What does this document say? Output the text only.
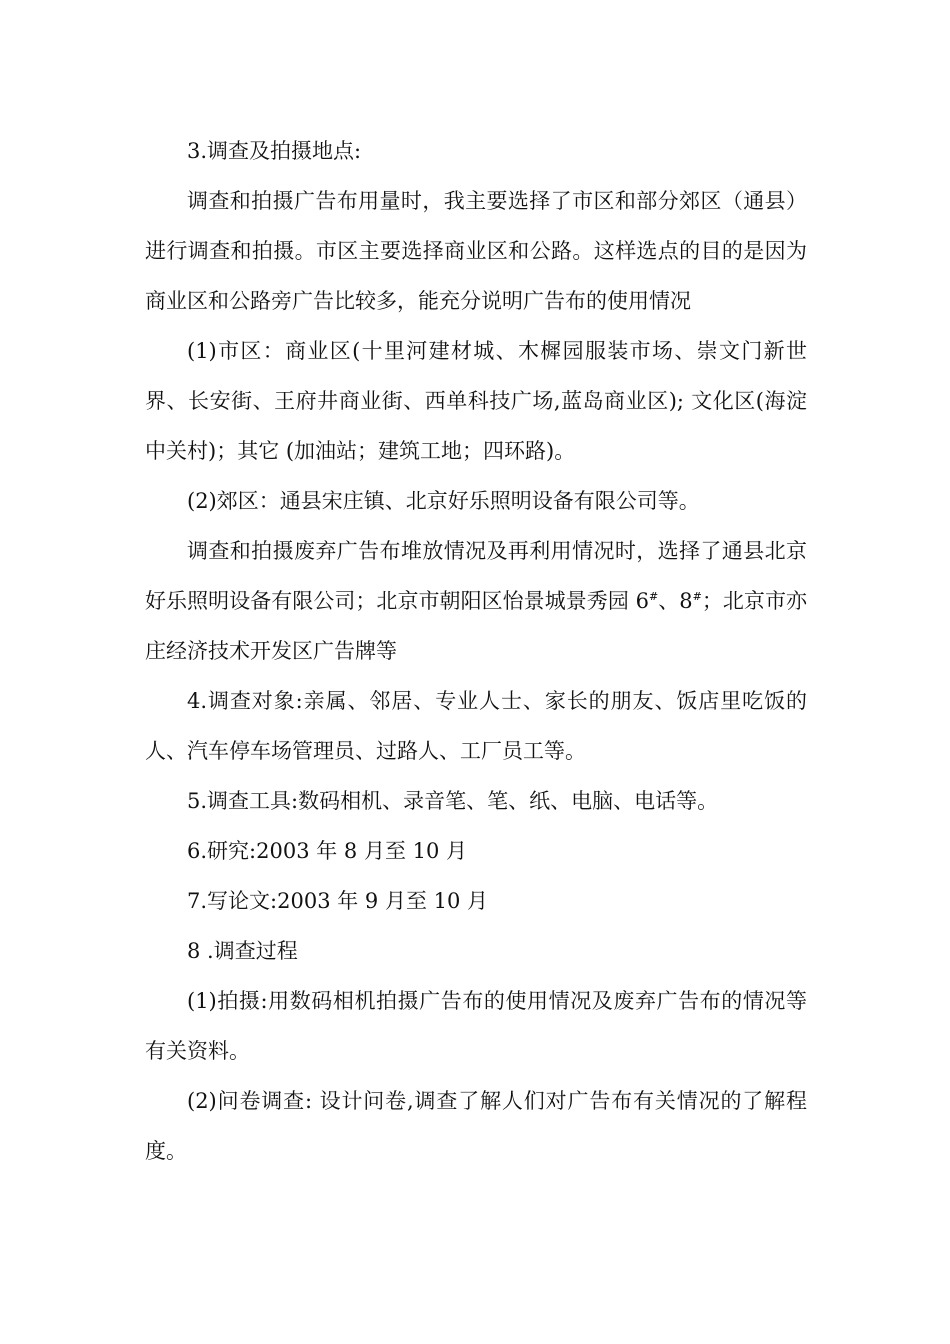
3.调查及拍摄地点:

调查和拍摄广告布用量时，我主要选择了市区和部分郊区（通县）进行调查和拍摄。市区主要选择商业区和公路。这样选点的目的是因为商业区和公路旁广告比较多，能充分说明广告布的使用情况

(1)市区：商业区(十里河建材城、木樨园服装市场、崇文门新世界、长安街、王府井商业街、西单科技广场,蓝岛商业区); 文化区(海淀中关村)；其它 (加油站；建筑工地；四环路)。

(2)郊区：通县宋庄镇、北京好乐照明设备有限公司等。

调查和拍摄废弃广告布堆放情况及再利用情况时，选择了通县北京好乐照明设备有限公司；北京市朝阳区怡景城景秀园 6#、8#；北京市亦庄经济技术开发区广告牌等

4.调查对象:亲属、邻居、专业人士、家长的朋友、饭店里吃饭的人、汽车停车场管理员、过路人、工厂员工等。

5.调查工具:数码相机、录音笔、笔、纸、电脑、电话等。

6.研究:2003 年 8 月至 10 月

7.写论文:2003 年 9 月至 10 月

8 .调查过程

(1)拍摄:用数码相机拍摄广告布的使用情况及废弃广告布的情况等有关资料。

(2)问卷调查: 设计问卷,调查了解人们对广告布有关情况的了解程度。
